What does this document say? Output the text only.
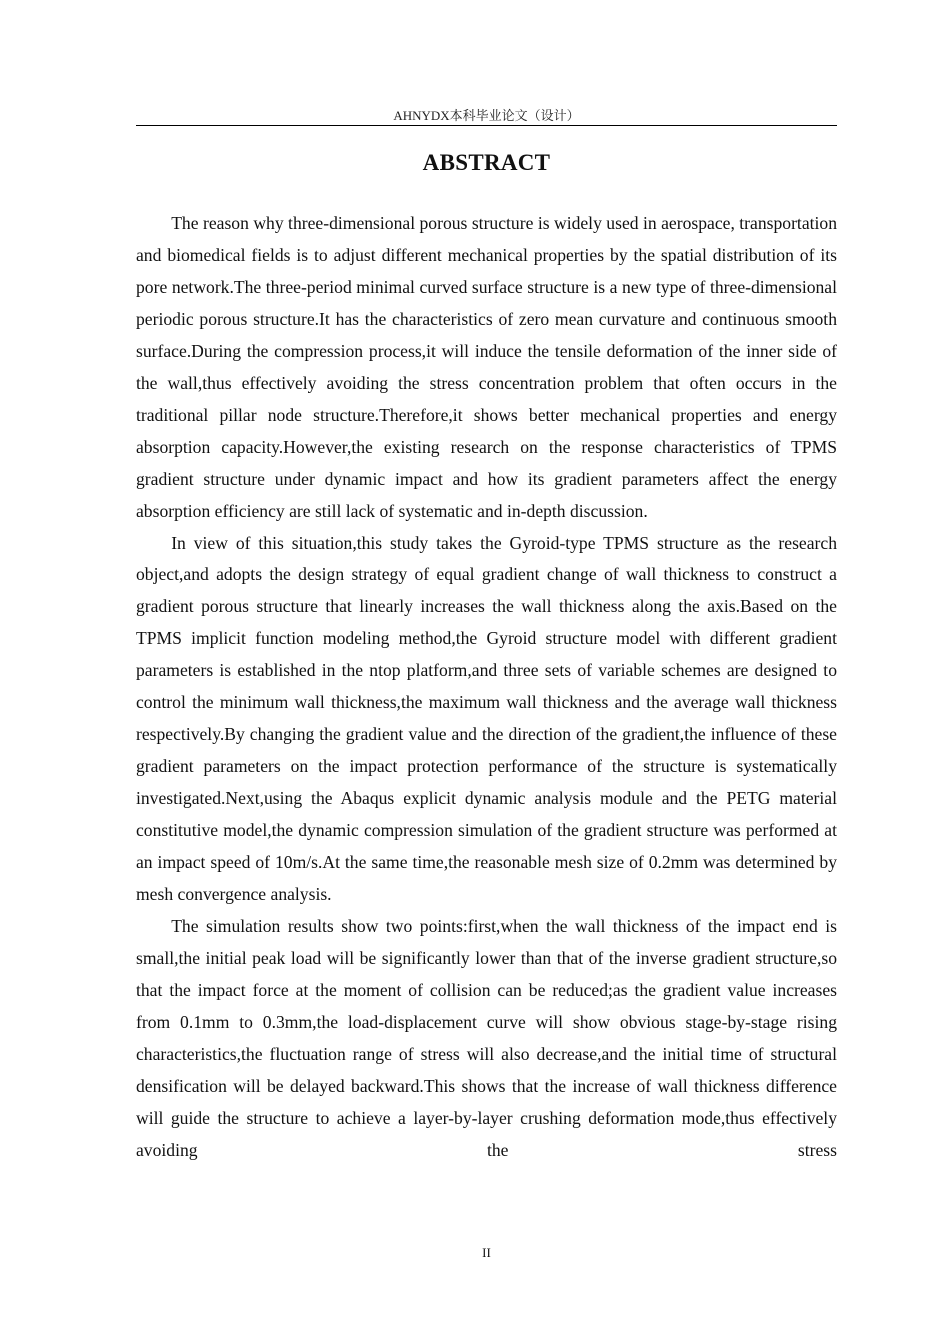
AHNYDX本科毕业论文（设计）
ABSTRACT

The reason why three-dimensional porous structure is widely used in aerospace, transportation and biomedical fields is to adjust different mechanical properties by the spatial distribution of its pore network.The three-period minimal curved surface structure is a new type of three-dimensional periodic porous structure.It has the characteristics of zero mean curvature and continuous smooth surface.During the compression process,it will induce the tensile deformation of the inner side of the wall,thus effectively avoiding the stress concentration problem that often occurs in the traditional pillar node structure.Therefore,it shows better mechanical properties and energy absorption capacity.However,the existing research on the response characteristics of TPMS gradient structure under dynamic impact and how its gradient parameters affect the energy absorption efficiency are still lack of systematic and in-depth discussion.

In view of this situation,this study takes the Gyroid-type TPMS structure as the research object,and adopts the design strategy of equal gradient change of wall thickness to construct a gradient porous structure that linearly increases the wall thickness along the axis.Based on the TPMS implicit function modeling method,the Gyroid structure model with different gradient parameters is established in the ntop platform,and three sets of variable schemes are designed to control the minimum wall thickness,the maximum wall thickness and the average wall thickness respectively.By changing the gradient value and the direction of the gradient,the influence of these gradient parameters on the impact protection performance of the structure is systematically investigated.Next,using the Abaqus explicit dynamic analysis module and the PETG material constitutive model,the dynamic compression simulation of the gradient structure was performed at an impact speed of 10m/s.At the same time,the reasonable mesh size of 0.2mm was determined by mesh convergence analysis.

The simulation results show two points:first,when the wall thickness of the impact end is small,the initial peak load will be significantly lower than that of the inverse gradient structure,so that the impact force at the moment of collision can be reduced;as the gradient value increases from 0.1mm to 0.3mm,the load-displacement curve will show obvious stage-by-stage rising characteristics,the fluctuation range of stress will also decrease,and the initial time of structural densification will be delayed backward.This shows that the increase of wall thickness difference will guide the structure to achieve a layer-by-layer crushing deformation mode,thus effectively avoiding the stress

II
